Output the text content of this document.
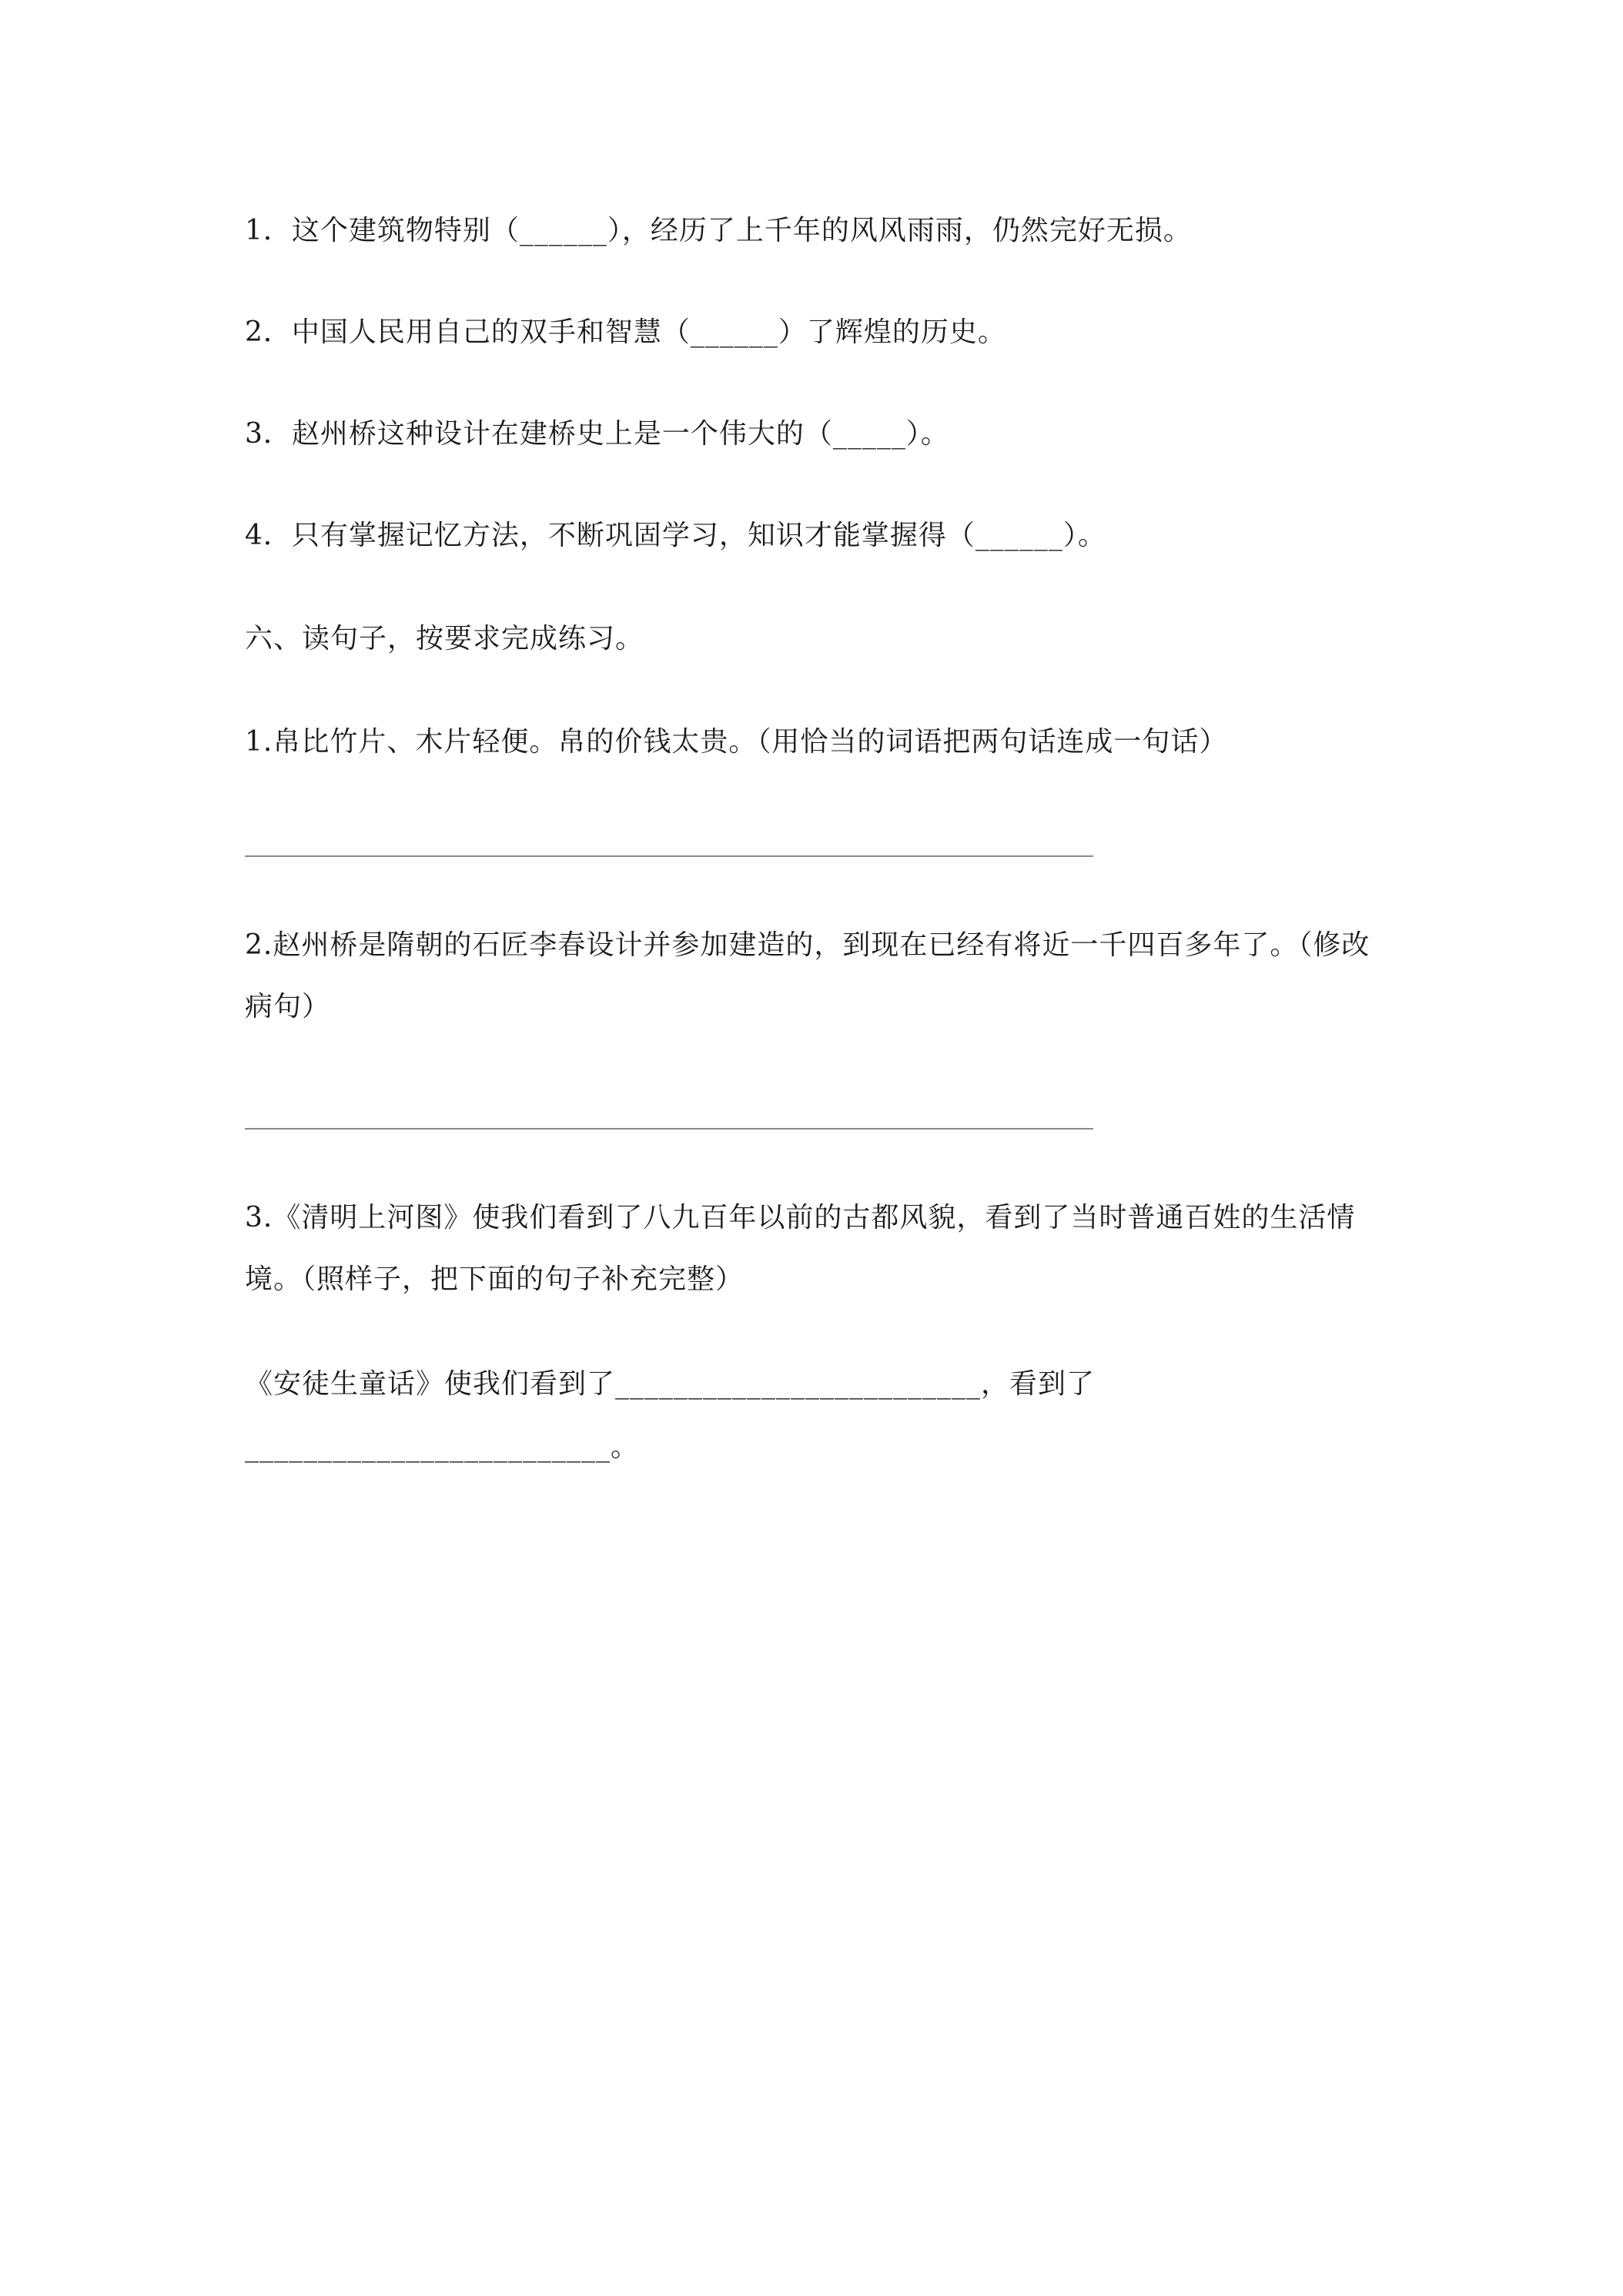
1．这个建筑物特别（______），经历了上千年的风风雨雨，仍然完好无损。
2．中国人民用自己的双手和智慧（______）了辉煌的历史。
3．赵州桥这种设计在建桥史上是一个伟大的（_____）。
4．只有掌握记忆方法，不断巩固学习，知识才能掌握得（______）。
六、读句子，按要求完成练习。
1.帛比竹片、木片轻便。帛的价钱太贵。（用恰当的词语把两句话连成一句话）
2.赵州桥是隋朝的石匠李春设计并参加建造的，到现在已经有将近一千四百多年了。（修改
病句）
3.《清明上河图》使我们看到了八九百年以前的古都风貌，看到了当时普通百姓的生活情
境。（照样子，把下面的句子补充完整）
《安徒生童话》使我们看到了_________________________，看到了
_________________________。
